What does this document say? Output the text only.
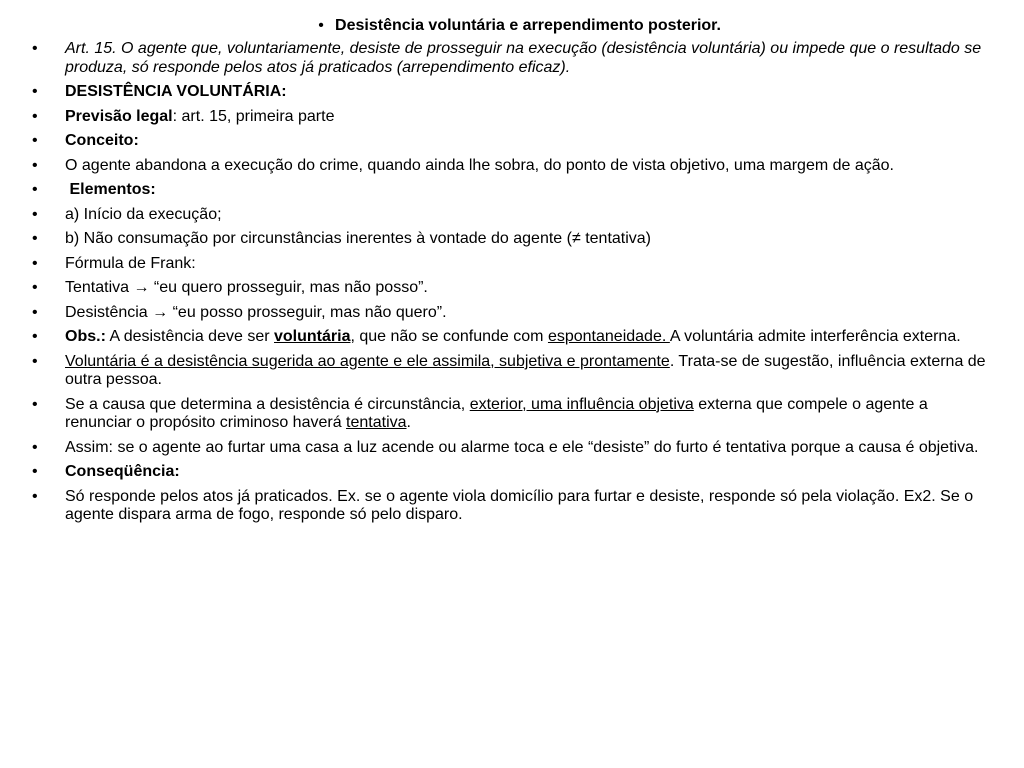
• Desistência voluntária e arrependimento posterior.
•	Art. 15. O agente que, voluntariamente, desiste de prosseguir na execução (desistência voluntária) ou impede que o resultado se produza, só responde pelos atos já praticados (arrependimento eficaz).
•	DESISTÊNCIA VOLUNTÁRIA:
•	Previsão legal: art. 15, primeira parte
•	Conceito:
•	O agente abandona a execução do crime, quando ainda lhe sobra, do ponto de vista objetivo, uma margem de ação.
•	Elementos:
•	a) Início da execução;
•	b) Não consumação por circunstâncias inerentes à vontade do agente (≠ tentativa)
•	Fórmula de Frank:
•	Tentativa → “eu quero prosseguir, mas não posso”.
•	Desistência → “eu posso prosseguir, mas não quero”.
•	Obs.: A desistência deve ser voluntária, que não se confunde com espontaneidade. A voluntária admite interferência externa.
•	Voluntária é a desistência sugerida ao agente e ele assimila, subjetiva e prontamente. Trata-se de sugestão, influência externa de outra pessoa.
•	Se a causa que determina a desistência é circunstância, exterior, uma influência objetiva externa que compele o agente a renunciar o propósito criminoso haverá tentativa.
•	Assim: se o agente ao furtar uma casa a luz acende ou alarme toca e ele “desiste” do furto é tentativa porque a causa é objetiva.
•	Conseqüência:
•	Só responde pelos atos já praticados. Ex. se o agente viola domicílio para furtar e desiste, responde só pela violação. Ex2. Se o agente dispara arma de fogo, responde só pelo disparo.
